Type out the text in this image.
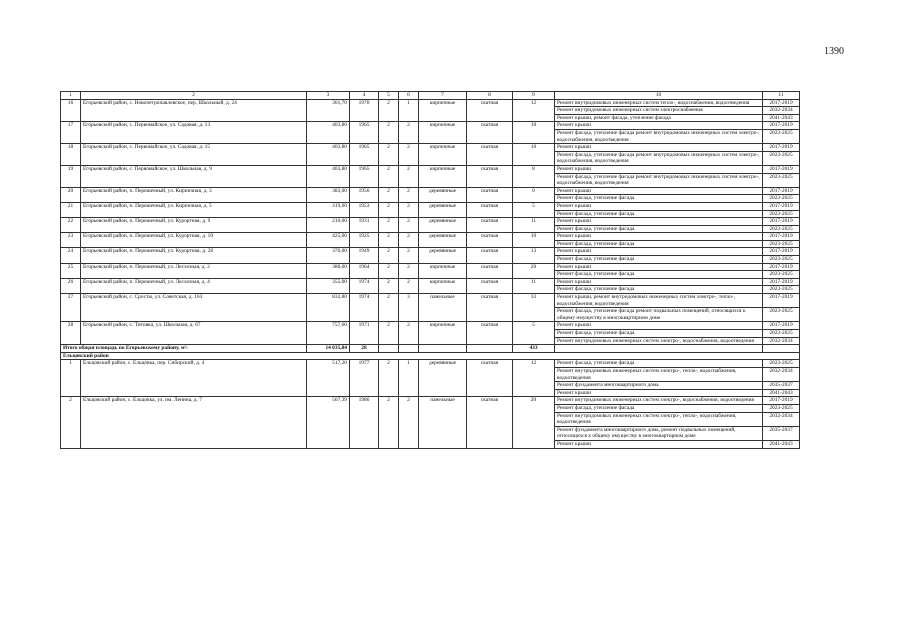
1390
1	2	3	4	5	6	7	8	9	10	11
16	Егорьевский район, с. Новопетропавловское, пер. Школьный, д. 24	361,70	1970	2	1	кирпичные	скатная	12	Ремонт внутридомовых инженерных систем тепло-, водоснабжения, водоотведения	2017-2019
									Ремонт внутридомовых инженерных систем электроснабжения	2032-2034
									Ремонт крыши, ремонт фасада, утепление фасада	2041-2043
17	Егорьевский район, с. Первомайское, ул. Садовая, д. 13	403,80	1965	2	2	кирпичные	скатная	10	Ремонт крыши	2017-2019
									Ремонт фасада, утепление фасада ремонт внутридомовых инженерных систем электро-, водоснабжения, водоотведения	2023-2025
18	Егорьевский район, с. Первомайское, ул. Садовая, д. 15	403,80	1965	2	2	кирпичные	скатная	10	Ремонт крыши	2017-2019
									Ремонт фасада, утепление фасада ремонт внутридомовых инженерных систем электро-, водоснабжения, водоотведения	2023-2025
19	Егорьевский район, с. Первомайское, ул. Школьная, д. 9	403,80	1965	2	2	кирпичные	скатная	8	Ремонт крыши	2017-2019
									Ремонт фасада, утепление фасада ремонт внутридомовых инженерных систем электро-, водоснабжения, водоотведения	2023-2025
20	Егорьевский район, п. Перешечный, ул. Кирпичная, д. 3	383,00	1956	2	2	деревянные	скатная	0	Ремонт крыши	2017-2019
									Ремонт фасада, утепление фасада	2023-2025
21	Егорьевский район, п. Перешечный, ул. Кирпичная, д. 5	319,00	1953	2	2	деревянные	скатная	5	Ремонт крыши	2017-2019
									Ремонт фасада, утепление фасада	2023-2025
22	Егорьевский район, п. Перешечный, ул. Курортная, д. 9	210,00	1931	2	2	деревянные	скатная	11	Ремонт крыши	2017-2019
									Ремонт фасада, утепление фасада	2023-2025
23	Егорьевский район, п. Перешечный, ул. Курортная, д. 10	425,00	1925	2	2	деревянные	скатная	10	Ремонт крыши	2017-2019
									Ремонт фасада, утепление фасада	2023-2025
24	Егорьевский район, п. Перешечный, ул. Курортная, д. 28	376,00	1949	2	2	деревянные	скатная	13	Ремонт крыши	2017-2019
									Ремонт фасада, утепление фасада	2023-2025
25	Егорьевский район, п. Перешечный, ул. Лесхозная, д. 2	380,00	1964	2	2	кирпичные	скатная	20	Ремонт крыши	2017-2019
									Ремонт фасада, утепление фасада	2023-2025
26	Егорьевский район, п. Перешечный, ул. Лесхозная, д. 4	355,00	1974	2	2	кирпичные	скатная	11	Ремонт крыши	2017-2019
									Ремонт фасада, утепление фасада	2023-2025
27	Егорьевский район, с. Сросты, ул. Советская, д. 163	832,80	1974	2	3	панельные	скатная	33	Ремонт крыши, ремонт внутридомовых инженерных систем электро-, тепло-, водоснабжения, водоотведения	2017-2019
									Ремонт фасада, утепление фасада ремонт подвальных помещений, относящихся к общему имуществу в многоквартирном доме	2023-2025
28	Егорьевский район, с. Титовка, ул. Школьная, д. 67	757,60	1971	2	2	кирпичные	скатная	5	Ремонт крыши	2017-2019
									Ремонт фасада, утепление фасада	2023-2025
									Ремонт внутридомовых инженерных систем электро-, водоснабжения, водоотведения	2032-2034
Итого общая площадь по Егорьевскому району, м²:		14 035,84	28					433		
Ельцовский район										
1	Ельцовский район, с. Ельцовка, пер. Сибирский, д. 4	517,20	1977	2	1	деревянные	скатная	12	Ремонт фасада, утепление фасада	2023-2025
									Ремонт внутридомовых инженерных систем электро-, тепло-, водоснабжения, водоотведения	2032-2034
									Ремонт фундамента многоквартирного дома	2035-2037
									Ремонт крыши	2041-2043
2	Ельцовский район, с. Ельцовка, ул. им. Ленина, д. 7	567,39	1986	2	2	панельные	скатная	20	Ремонт внутридомовых инженерных систем электро-, водоснабжения, водоотведения	2017-2019
									Ремонт фасада, утепление фасада	2023-2025
									Ремонт внутридомовых инженерных систем электро-, тепло-, водоснабжения, водоотведения	2032-2034
									Ремонт фундамента многоквартирного дома, ремонт подвальных помещений, относящихся к общему имуществу в многоквартирном доме	2035-2037
									Ремонт крыши	2041-2043
